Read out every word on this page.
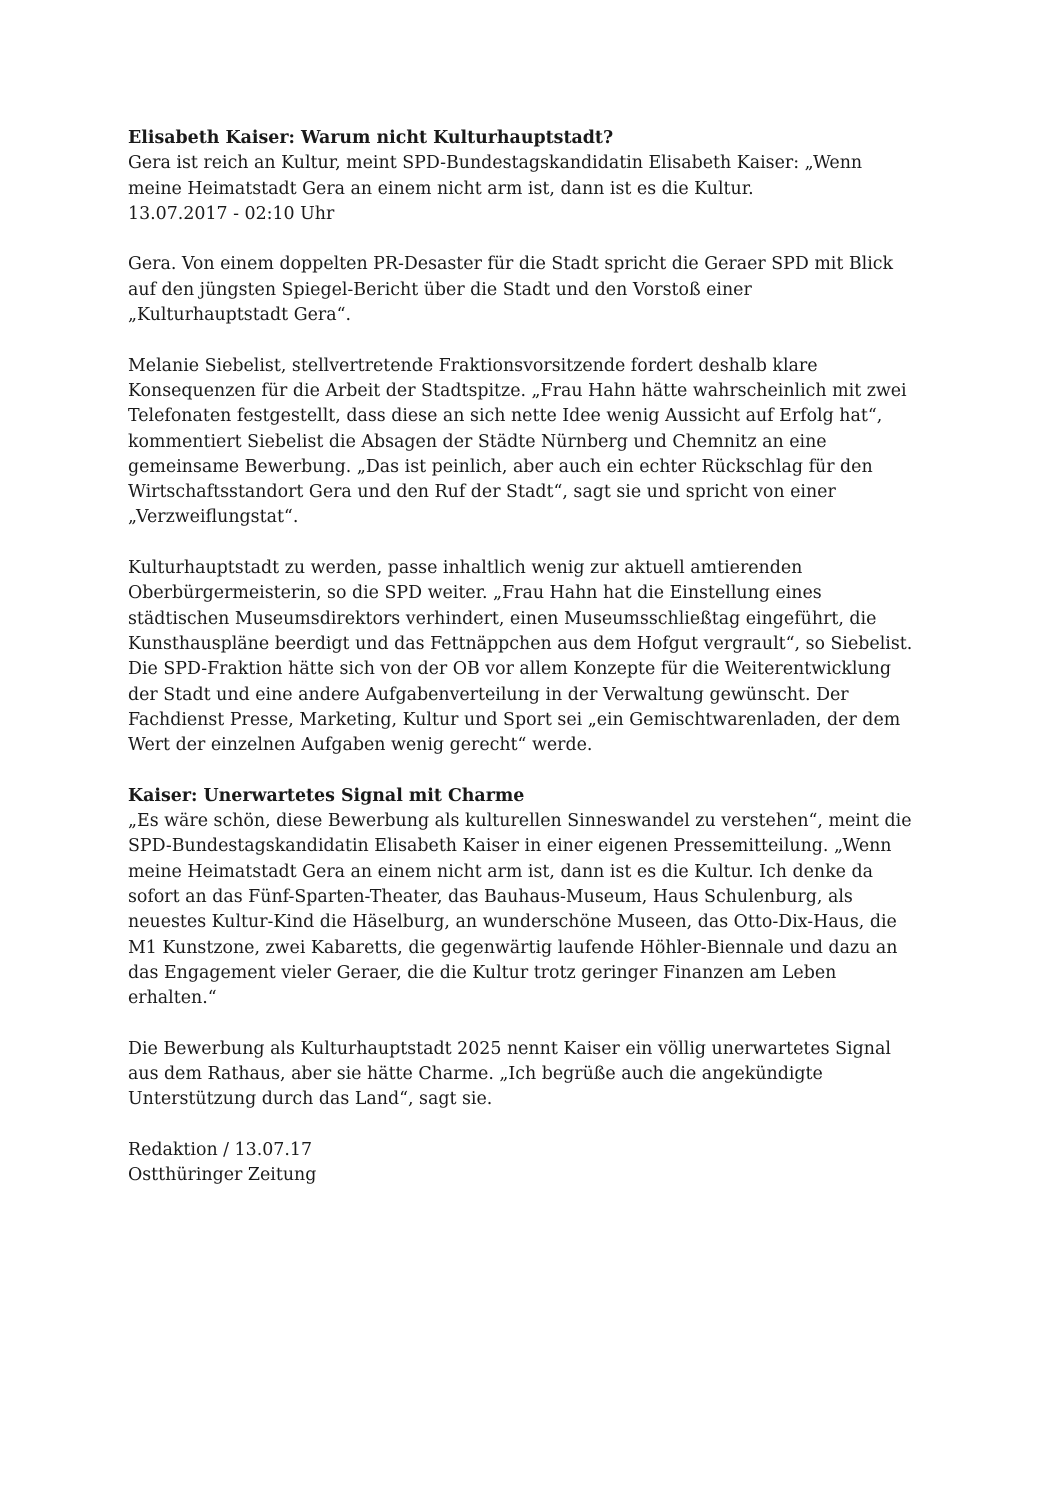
Elisabeth Kaiser: Warum nicht Kulturhauptstadt?
Gera ist reich an Kultur, meint SPD-Bundestagskandidatin Elisabeth Kaiser: „Wenn
meine Heimatstadt Gera an einem nicht arm ist, dann ist es die Kultur.
13.07.2017 - 02:10 Uhr
Gera. Von einem doppelten PR-Desaster für die Stadt spricht die Geraer SPD mit Blick
auf den jüngsten Spiegel-Bericht über die Stadt und den Vorstoß einer
„Kulturhauptstadt Gera“.
Melanie Siebelist, stellvertretende Fraktionsvorsitzende fordert deshalb klare
Konsequenzen für die Arbeit der Stadtspitze. „Frau Hahn hätte wahrscheinlich mit zwei
Telefonaten festgestellt, dass diese an sich nette Idee wenig Aussicht auf Erfolg hat“,
kommentiert Siebelist die Absagen der Städte Nürnberg und Chemnitz an eine
gemeinsame Bewerbung. „Das ist peinlich, aber auch ein echter Rückschlag für den
Wirtschaftsstandort Gera und den Ruf der Stadt“, sagt sie und spricht von einer
„Verzweiflungstat“.
Kulturhauptstadt zu werden, passe inhaltlich wenig zur aktuell amtierenden
Oberbürgermeisterin, so die SPD weiter. „Frau Hahn hat die Einstellung eines
städtischen Museumsdirektors verhindert, einen Museumsschließtag eingeführt, die
Kunsthauspläne beerdigt und das Fettnäppchen aus dem Hofgut vergrault“, so Siebelist.
Die SPD-Fraktion hätte sich von der OB vor allem Konzepte für die Weiterentwicklung
der Stadt und eine andere Aufgabenverteilung in der Verwaltung gewünscht. Der
Fachdienst Presse, Marketing, Kultur und Sport sei „ein Gemischtwarenladen, der dem
Wert der einzelnen Aufgaben wenig gerecht“ werde.
Kaiser: Unerwartetes Signal mit Charme
„Es wäre schön, diese Bewerbung als kulturellen Sinneswandel zu verstehen“, meint die
SPD-Bundestagskandidatin Elisabeth Kaiser in einer eigenen Pressemitteilung. „Wenn
meine Heimatstadt Gera an einem nicht arm ist, dann ist es die Kultur. Ich denke da
sofort an das Fünf-Sparten-Theater, das Bauhaus-Museum, Haus Schulenburg, als
neuestes Kultur-Kind die Häselburg, an wunderschöne Museen, das Otto-Dix-Haus, die
M1 Kunstzone, zwei Kabaretts, die gegenwärtig laufende Höhler-Biennale und dazu an
das Engagement vieler Geraer, die die Kultur trotz geringer Finanzen am Leben
erhalten.“
Die Bewerbung als Kulturhauptstadt 2025 nennt Kaiser ein völlig unerwartetes Signal
aus dem Rathaus, aber sie hätte Charme. „Ich begrüße auch die angekündigte
Unterstützung durch das Land“, sagt sie.
Redaktion / 13.07.17
Ostthüringer Zeitung
